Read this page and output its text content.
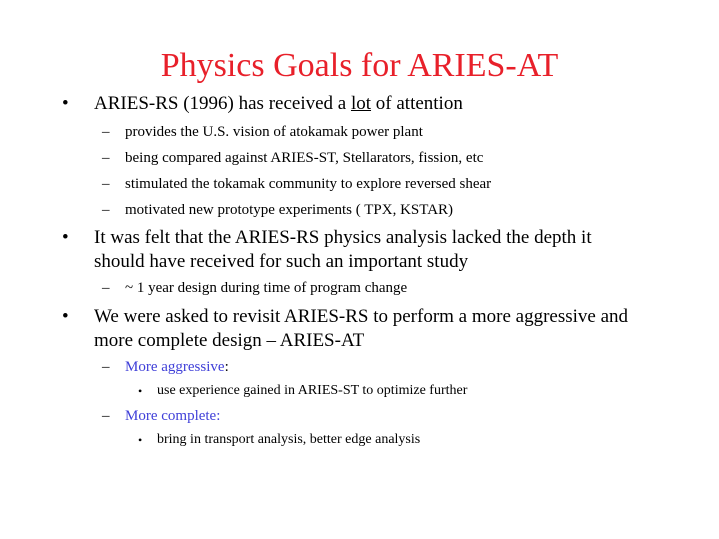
Physics Goals for ARIES-AT
• ARIES-RS (1996) has received a lot of attention
– provides the U.S. vision of atokamak power plant
– being compared against ARIES-ST, Stellarators, fission, etc
– stimulated the tokamak community to explore reversed shear
– motivated new prototype experiments ( TPX, KSTAR)
• It was felt that the ARIES-RS physics analysis lacked the depth it
should have received for such an important study
– ~ 1 year design during time of program change
• We were asked to revisit ARIES-RS to perform a more aggressive and
more complete design – ARIES-AT
– More aggressive:
• use experience gained in ARIES-ST to optimize further
– More complete:
• bring in transport analysis, better edge analysis
